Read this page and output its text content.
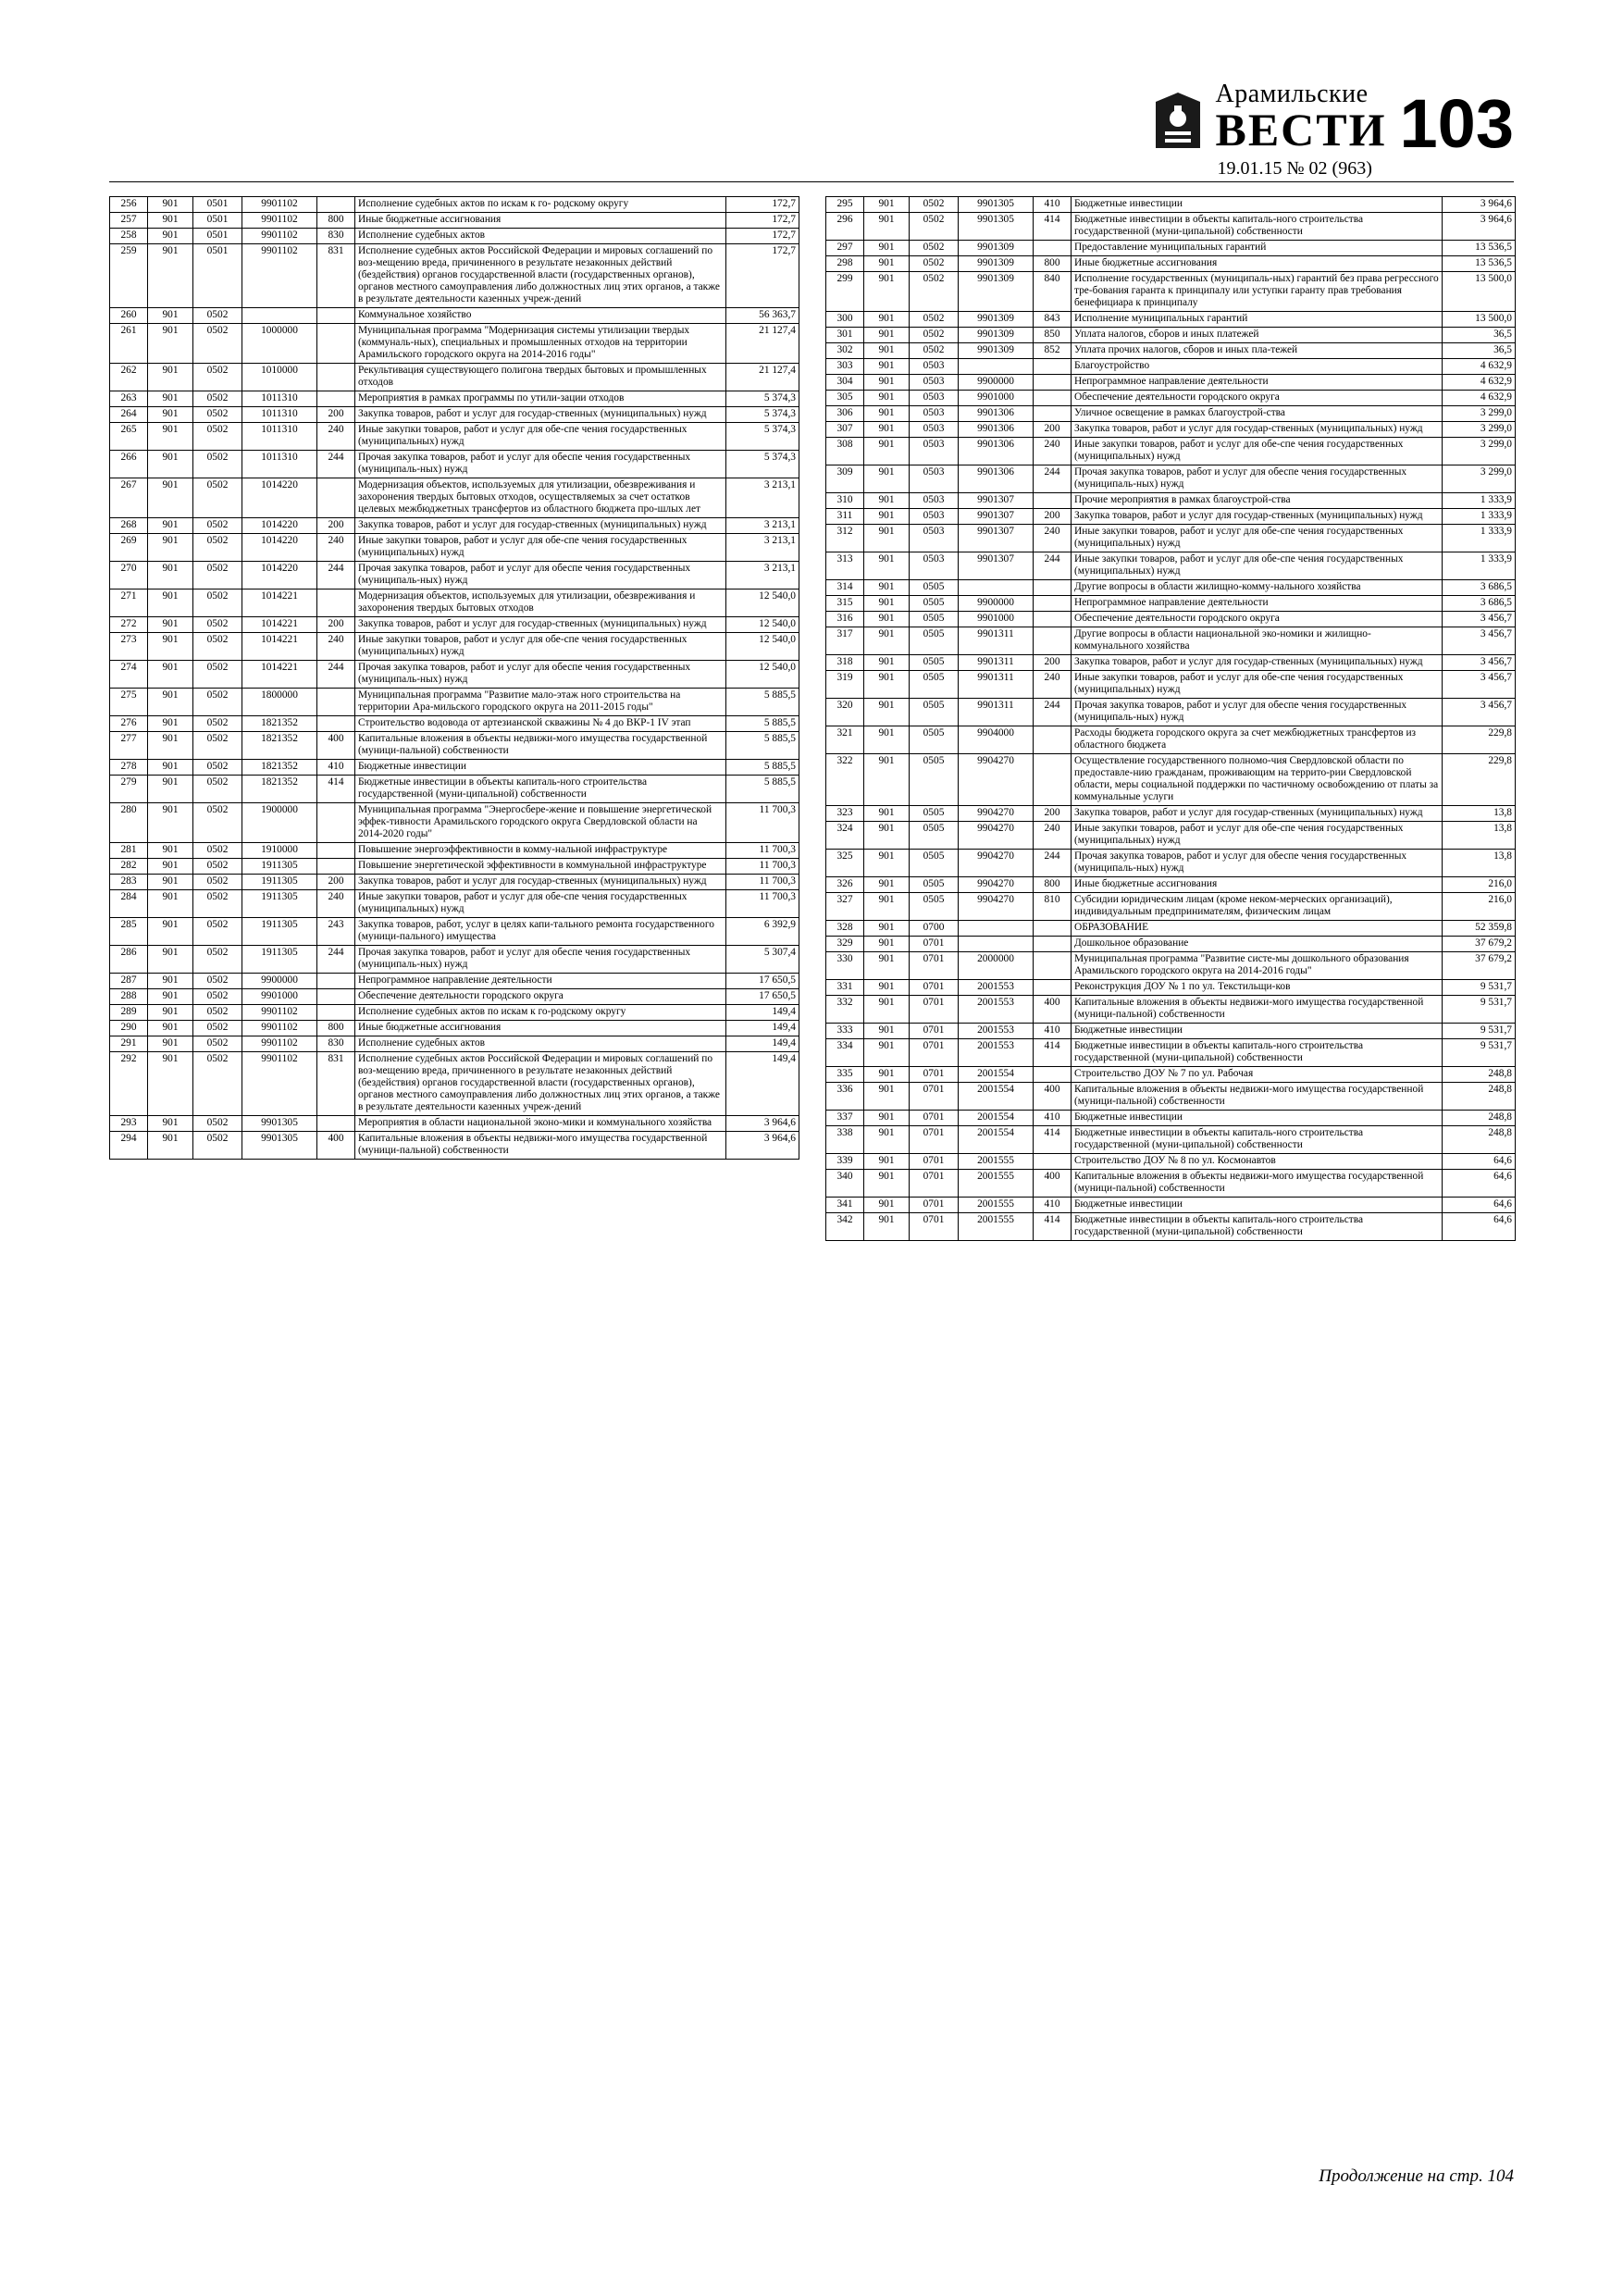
Арамильские
ВЕСТИ 103
19.01.15 № 02 (963)
256	901	0501	9901102		Исполнение судебных актов по искам к го- родскому округу	172,7
257	901	0501	9901102	800	Иные бюджетные ассигнования	172,7
258	901	0501	9901102	830	Исполнение судебных актов	172,7
259	901	0501	9901102	831	Исполнение судебных актов Российской Федерации и мировых соглашений по воз-мещению вреда, причиненного в результате незаконных действий (бездействия) органов государственной власти (государственных органов), органов местного самоуправления либо должностных лиц этих органов, а также в результате деятельности казенных учреж-дений	172,7
260	901	0502			Коммунальное хозяйство	56 363,7
261	901	0502	1000000		Муниципальная программа "Модернизация системы утилизации твердых (коммуналь-ных), специальных и промышленных отходов на территории Арамильского городского округа на 2014-2016 годы"	21 127,4
262	901	0502	1010000		Рекультивация существующего полигона твердых бытовых и промышленных отходов	21 127,4
263	901	0502	1011310		Мероприятия в рамках программы по утили-зации отходов	5 374,3
264	901	0502	1011310	200	Закупка товаров, работ и услуг для государ-ственных (муниципальных) нужд	5 374,3
265	901	0502	1011310	240	Иные закупки товаров, работ и услуг для обе-спе чения государственных (муниципальных) нужд	5 374,3
266	901	0502	1011310	244	Прочая закупка товаров, работ и услуг для обеспе чения государственных (муниципаль-ных) нужд	5 374,3
267	901	0502	1014220		Модернизация объектов, используемых для утилизации, обезвреживания и захоронения твердых бытовых отходов, осуществляемых за счет остатков целевых межбюджетных трансфертов из областного бюджета про-шлых лет	3 213,1
268	901	0502	1014220	200	Закупка товаров, работ и услуг для государ-ственных (муниципальных) нужд	3 213,1
269	901	0502	1014220	240	Иные закупки товаров, работ и услуг для обе-спе чения государственных (муниципальных) нужд	3 213,1
270	901	0502	1014220	244	Прочая закупка товаров, работ и услуг для обеспе чения государственных (муниципаль-ных) нужд	3 213,1
271	901	0502	1014221		Модернизация объектов, используемых для утилизации, обезвреживания и захоронения твердых бытовых отходов	12 540,0
272	901	0502	1014221	200	Закупка товаров, работ и услуг для государ-ственных (муниципальных) нужд	12 540,0
273	901	0502	1014221	240	Иные закупки товаров, работ и услуг для обе-спе чения государственных (муниципальных) нужд	12 540,0
274	901	0502	1014221	244	Прочая закупка товаров, работ и услуг для обеспе чения государственных (муниципаль-ных) нужд	12 540,0
275	901	0502	1800000		Муниципальная программа "Развитие мало-этаж ного строительства на территории Ара-мильского городского округа на 2011-2015 годы"	5 885,5
276	901	0502	1821352		Строительство водовода от артезианской скважины № 4 до ВКР-1 IV этап	5 885,5
277	901	0502	1821352	400	Капитальные вложения в объекты недвижи-мого имущества государственной (муници-пальной) собственности	5 885,5
278	901	0502	1821352	410	Бюджетные инвестиции	5 885,5
279	901	0502	1821352	414	Бюджетные инвестиции в объекты капиталь-ного строительства государственной (муни-ципальной) собственности	5 885,5
280	901	0502	1900000		Муниципальная программа "Энергосбере-жение и повышение энергетической эффек-тивности Арамильского городского округа Свердловской области на 2014-2020 годы"	11 700,3
281	901	0502	1910000		Повышение энергоэффективности в комму-нальной инфраструктуре	11 700,3
282	901	0502	1911305		Повышение энергетической эффективности в коммунальной инфраструктуре	11 700,3
283	901	0502	1911305	200	Закупка товаров, работ и услуг для государ-ственных (муниципальных) нужд	11 700,3
284	901	0502	1911305	240	Иные закупки товаров, работ и услуг для обе-спе чения государственных (муниципальных) нужд	11 700,3
285	901	0502	1911305	243	Закупка товаров, работ, услуг в целях капи-тального ремонта государственного (муници-пального) имущества	6 392,9
286	901	0502	1911305	244	Прочая закупка товаров, работ и услуг для обеспе чения государственных (муниципаль-ных) нужд	5 307,4
287	901	0502	9900000		Непрограммное направление деятельности	17 650,5
288	901	0502	9901000		Обеспечение деятельности городского округа	17 650,5
289	901	0502	9901102		Исполнение судебных актов по искам к го-родскому округу	149,4
290	901	0502	9901102	800	Иные бюджетные ассигнования	149,4
291	901	0502	9901102	830	Исполнение судебных актов	149,4
292	901	0502	9901102	831	Исполнение судебных актов Российской Федерации и мировых соглашений по воз-мещению вреда, причиненного в результате незаконных действий (бездействия) органов государственной власти (государственных органов), органов местного самоуправления либо должностных лиц этих органов, а также в результате деятельности казенных учреж-дений	149,4
293	901	0502	9901305		Мероприятия в области национальной эконо-мики и коммунального хозяйства	3 964,6
294	901	0502	9901305	400	Капитальные вложения в объекты недвижи-мого имущества государственной (муници-пальной) собственности	3 964,6
295	901	0502	9901305	410	Бюджетные инвестиции	3 964,6
296	901	0502	9901305	414	Бюджетные инвестиции в объекты капиталь-ного строительства государственной (муни-ципальной) собственности	3 964,6
297	901	0502	9901309		Предоставление муниципальных гарантий	13 536,5
298	901	0502	9901309	800	Иные бюджетные ассигнования	13 536,5
299	901	0502	9901309	840	Исполнение государственных (муниципаль-ных) гарантий без права регрессного тре-бования гаранта к принципалу или уступки гаранту прав требования бенефициара к принципалу	13 500,0
300	901	0502	9901309	843	Исполнение муниципальных гарантий	13 500,0
301	901	0502	9901309	850	Уплата налогов, сборов и иных платежей	36,5
302	901	0502	9901309	852	Уплата прочих налогов, сборов и иных пла-тежей	36,5
303	901	0503			Благоустройство	4 632,9
304	901	0503	9900000		Непрограммное направление деятельности	4 632,9
305	901	0503	9901000		Обеспечение деятельности городского округа	4 632,9
306	901	0503	9901306		Уличное освещение в рамках благоустрой-ства	3 299,0
307	901	0503	9901306	200	Закупка товаров, работ и услуг для государ-ственных (муниципальных) нужд	3 299,0
308	901	0503	9901306	240	Иные закупки товаров, работ и услуг для обе-спе чения государственных (муниципальных) нужд	3 299,0
309	901	0503	9901306	244	Прочая закупка товаров, работ и услуг для обеспе чения государственных (муниципаль-ных) нужд	3 299,0
310	901	0503	9901307		Прочие мероприятия в рамках благоустрой-ства	1 333,9
311	901	0503	9901307	200	Закупка товаров, работ и услуг для государ-ственных (муниципальных) нужд	1 333,9
312	901	0503	9901307	240	Иные закупки товаров, работ и услуг для обе-спе чения государственных (муниципальных) нужд	1 333,9
313	901	0503	9901307	244	Иные закупки товаров, работ и услуг для обе-спе чения государственных (муниципальных) нужд	1 333,9
314	901	0505			Другие вопросы в области жилищно-комму-нального хозяйства	3 686,5
315	901	0505	9900000		Непрограммное направление деятельности	3 686,5
316	901	0505	9901000		Обеспечение деятельности городского округа	3 456,7
317	901	0505	9901311		Другие вопросы в области национальной эко-номики и жилищно-коммунального хозяйства	3 456,7
318	901	0505	9901311	200	Закупка товаров, работ и услуг для государ-ственных (муниципальных) нужд	3 456,7
319	901	0505	9901311	240	Иные закупки товаров, работ и услуг для обе-спе чения государственных (муниципальных) нужд	3 456,7
320	901	0505	9901311	244	Прочая закупка товаров, работ и услуг для обеспе чения государственных (муниципаль-ных) нужд	3 456,7
321	901	0505	9904000		Расходы бюджета городского округа за счет межбюджетных трансфертов из областного бюджета	229,8
322	901	0505	9904270		Осуществление государственного полномо-чия Свердловской области по предоставле-нию гражданам, проживающим на террито-рии Свердловской области, меры социальной поддержки по частичному освобождению от платы за коммунальные услуги	229,8
323	901	0505	9904270	200	Закупка товаров, работ и услуг для государ-ственных (муниципальных) нужд	13,8
324	901	0505	9904270	240	Иные закупки товаров, работ и услуг для обе-спе чения государственных (муниципальных) нужд	13,8
325	901	0505	9904270	244	Прочая закупка товаров, работ и услуг для обеспе чения государственных (муниципаль-ных) нужд	13,8
326	901	0505	9904270	800	Иные бюджетные ассигнования	216,0
327	901	0505	9904270	810	Субсидии юридическим лицам (кроме неком-мерческих организаций), индивидуальным предпринимателям, физическим лицам	216,0
328	901	0700			ОБРАЗОВАНИЕ	52 359,8
329	901	0701			Дошкольное образование	37 679,2
330	901	0701	2000000		Муниципальная программа "Развитие систе-мы дошкольного образования Арамильского городского округа на 2014-2016 годы"	37 679,2
331	901	0701	2001553		Реконструкция ДОУ № 1 по ул. Текстильщи-ков	9 531,7
332	901	0701	2001553	400	Капитальные вложения в объекты недвижи-мого имущества государственной (муници-пальной) собственности	9 531,7
333	901	0701	2001553	410	Бюджетные инвестиции	9 531,7
334	901	0701	2001553	414	Бюджетные инвестиции в объекты капиталь-ного строительства государственной (муни-ципальной) собственности	9 531,7
335	901	0701	2001554		Строительство ДОУ № 7 по ул. Рабочая	248,8
336	901	0701	2001554	400	Капитальные вложения в объекты недвижи-мого имущества государственной (муници-пальной) собственности	248,8
337	901	0701	2001554	410	Бюджетные инвестиции	248,8
338	901	0701	2001554	414	Бюджетные инвестиции в объекты капиталь-ного строительства государственной (муни-ципальной) собственности	248,8
339	901	0701	2001555		Строительство ДОУ № 8 по ул. Космонавтов	64,6
340	901	0701	2001555	400	Капитальные вложения в объекты недвижи-мого имущества государственной (муници-пальной) собственности	64,6
341	901	0701	2001555	410	Бюджетные инвестиции	64,6
342	901	0701	2001555	414	Бюджетные инвестиции в объекты капиталь-ного строительства государственной (муни-ципальной) собственности	64,6
Продолжение на стр. 104
